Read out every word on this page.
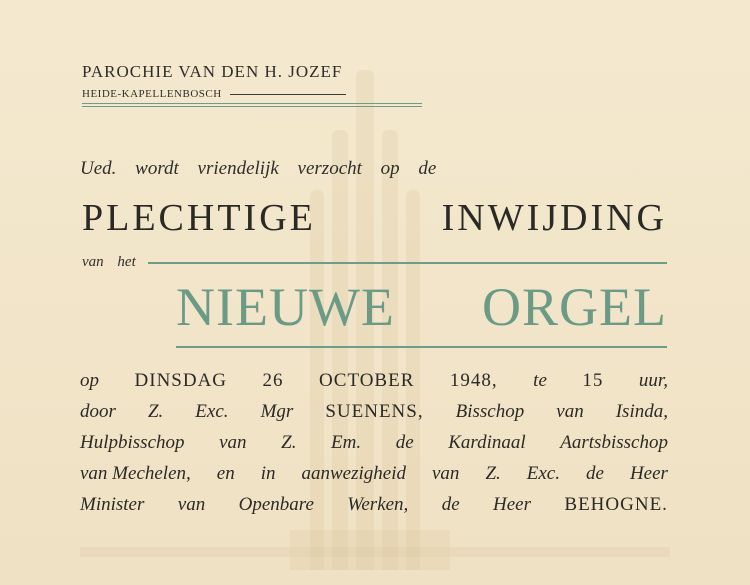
PAROCHIE VAN DEN H. JOZEF
HEIDE-KAPELLENBOSCH
Ued. wordt vriendelijk verzocht op de
PLECHTIGE	INWIJDING
van het
NIEUWE ORGEL
op DINSDAG 26 OCTOBER 1948, te 15 uur,
door Z. Exc. Mgr SUENENS, Bisschop van Isinda,
Hulpbisschop van Z. Em. de Kardinaal Aartsbisschop
van Mechelen, en in aanwezigheid van Z. Exc. de Heer
Minister van Openbare Werken, de Heer BEHOGNE.
